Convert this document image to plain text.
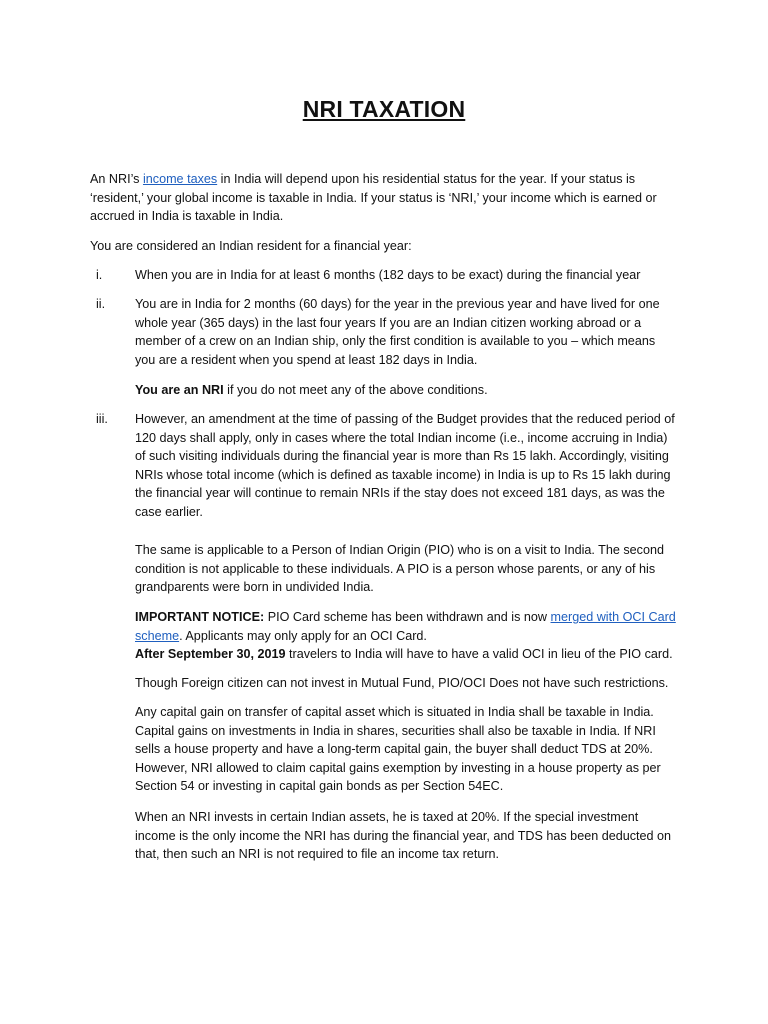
NRI TAXATION

An NRI’s income taxes in India will depend upon his residential status for the year. If your status is ‘resident,’ your global income is taxable in India. If your status is ‘NRI,’ your income which is earned or accrued in India is taxable in India.

You are considered an Indian resident for a financial year:

i.	When you are in India for at least 6 months (182 days to be exact) during the financial year

ii.	You are in India for 2 months (60 days) for the year in the previous year and have lived for one whole year (365 days) in the last four years If you are an Indian citizen working abroad or a member of a crew on an Indian ship, only the first condition is available to you – which means you are a resident when you spend at least 182 days in India.

You are an NRI if you do not meet any of the above conditions.

iii.	However, an amendment at the time of passing of the Budget provides that the reduced period of 120 days shall apply, only in cases where the total Indian income (i.e., income accruing in India) of such visiting individuals during the financial year is more than Rs 15 lakh. Accordingly, visiting NRIs whose total income (which is defined as taxable income) in India is up to Rs 15 lakh during the financial year will continue to remain NRIs if the stay does not exceed 181 days, as was the case earlier.

The same is applicable to a Person of Indian Origin (PIO) who is on a visit to India. The second condition is not applicable to these individuals. A PIO is a person whose parents, or any of his grandparents were born in undivided India.

IMPORTANT NOTICE: PIO Card scheme has been withdrawn and is now merged with OCI Card scheme. Applicants may only apply for an OCI Card.

After September 30, 2019 travelers to India will have to have a valid OCI in lieu of the PIO card.

Though Foreign citizen can not invest in Mutual Fund, PIO/OCI Does not have such restrictions.

Any capital gain on transfer of capital asset which is situated in India shall be taxable in India. Capital gains on investments in India in shares, securities shall also be taxable in India. If NRI sells a house property and have a long-term capital gain, the buyer shall deduct TDS at 20%. However, NRI allowed to claim capital gains exemption by investing in a house property as per Section 54 or investing in capital gain bonds as per Section 54EC.

When an NRI invests in certain Indian assets, he is taxed at 20%. If the special investment income is the only income the NRI has during the financial year, and TDS has been deducted on that, then such an NRI is not required to file an income tax return.
